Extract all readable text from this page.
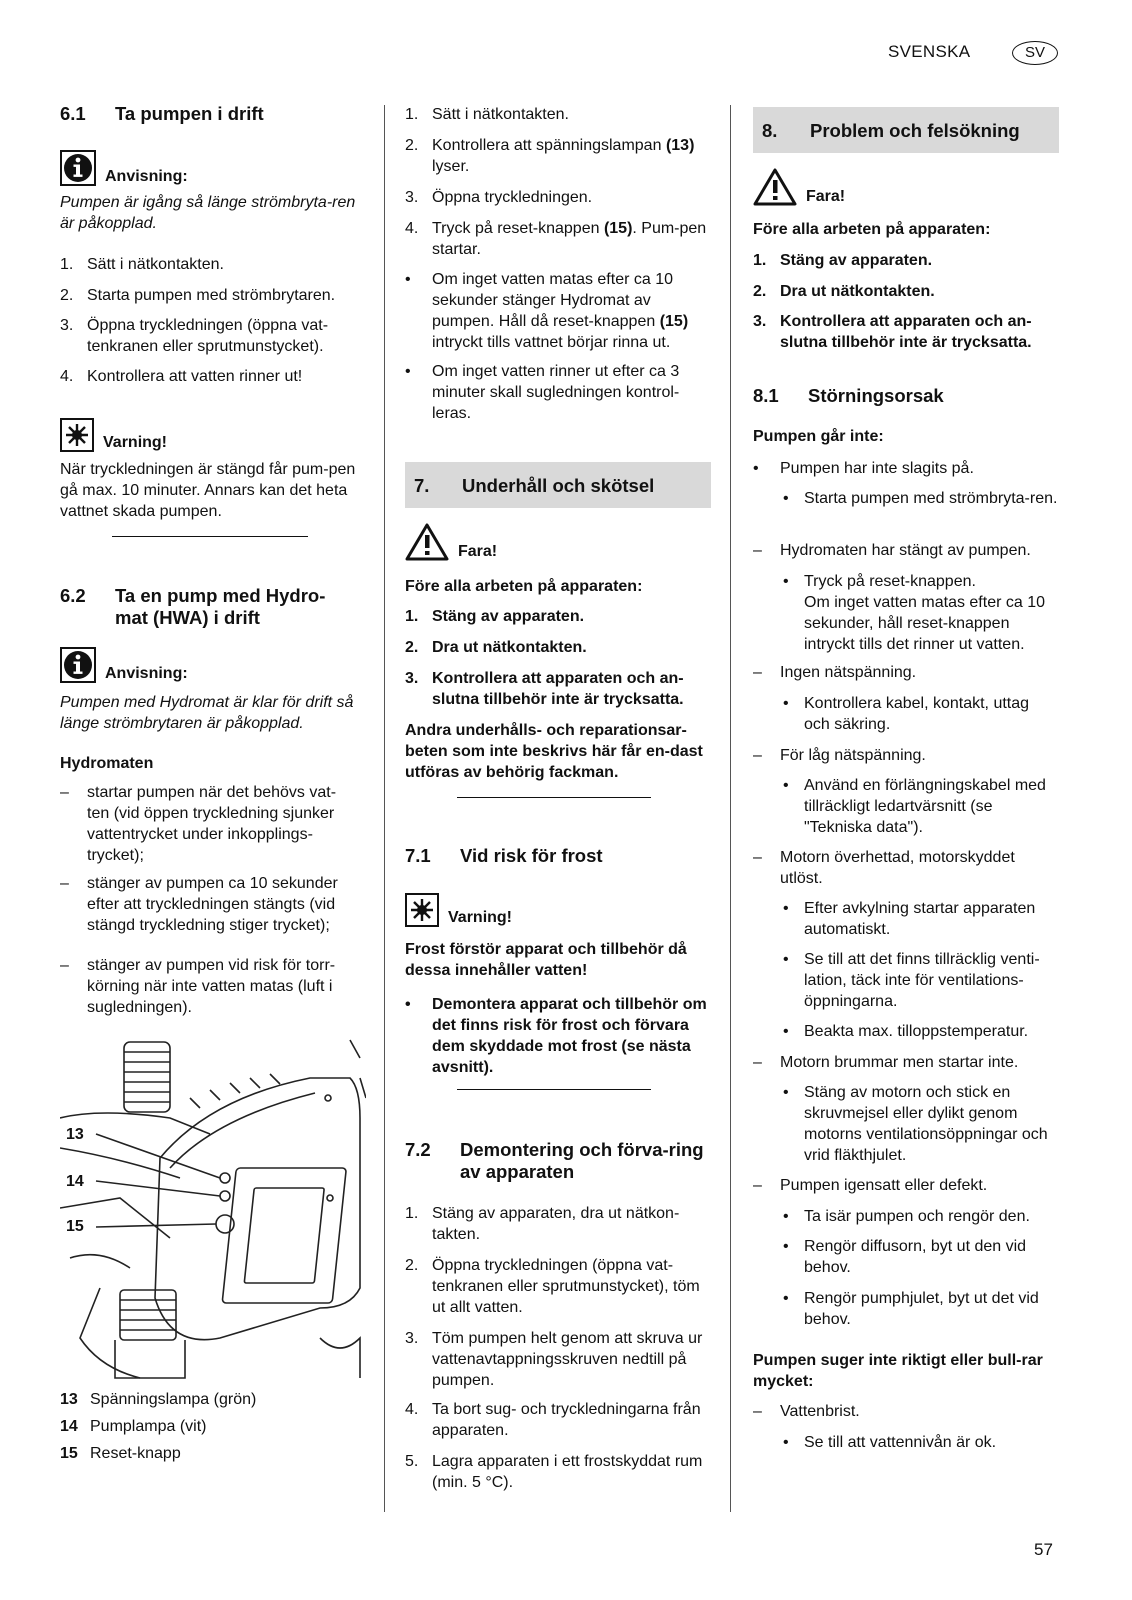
SVENSKA	SV
6.1 Ta pumpen i drift
Anvisning:
Pumpen är igång så länge strömbryta-ren är påkopplad.
1. Sätt i nätkontakten.
2. Starta pumpen med strömbrytaren.
3. Öppna tryckledningen (öppna vat-tenkranen eller sprutmunstycket).
4. Kontrollera att vatten rinner ut!
Varning!
När tryckledningen är stängd får pum-pen gå max. 10 minuter. Annars kan det heta vattnet skada pumpen.
6.2	Ta en pump med Hydro-mat (HWA) i drift
Anvisning:
Pumpen med Hydromat är klar för drift så länge strömbrytaren är påkopplad.
Hydromaten
–	startar pumpen när det behövs vat-ten (vid öppen tryckledning sjunker vattentrycket under inkopplings-trycket);
–	stänger av pumpen ca 10 sekunder efter att tryckledningen stängts (vid stängd tryckledning stiger trycket);
–	stänger av pumpen vid risk för torr-körning när inte vatten matas (luft i sugledningen).
13
14
15
13 Spänningslampa (grön)
14 Pumplampa (vit)
15 Reset-knapp
1. Sätt i nätkontakten.
2. Kontrollera att spänningslampan (13) lyser.
3. Öppna tryckledningen.
4. Tryck på reset-knappen (15). Pum-pen startar.
•	Om inget vatten matas efter ca 10 sekunder stänger Hydromat av pumpen. Håll då reset-knappen (15) intryckt tills vattnet börjar rinna ut.
•	Om inget vatten rinner ut efter ca 3 minuter skall sugledningen kontrol-leras.
7. Underhåll och skötsel
Fara!
Före alla arbeten på apparaten:
1. Stäng av apparaten.
2. Dra ut nätkontakten.
3. Kontrollera att apparaten och an-slutna tillbehör inte är trycksatta.
Andra underhålls- och reparationsar-beten som inte beskrivs här får en-dast utföras av behörig fackman.
7.1 Vid risk för frost
Varning!
Frost förstör apparat och tillbehör då dessa innehåller vatten!
•	Demontera apparat och tillbehör om det finns risk för frost och förvara dem skyddade mot frost (se nästa avsnitt).
7.2	Demontering och förva-ring av apparaten
1. Stäng av apparaten, dra ut nätkon-takten.
2. Öppna tryckledningen (öppna vat-tenkranen eller sprutmunstycket), töm ut allt vatten.
3. Töm pumpen helt genom att skruva ur vattenavtappningsskruven nedtill på pumpen.
4. Ta bort sug- och tryckledningarna från apparaten.
5. Lagra apparaten i ett frostskyddat rum (min. 5 °C).
8. Problem och felsökning
Fara!
Före alla arbeten på apparaten:
1. Stäng av apparaten.
2. Dra ut nätkontakten.
3. Kontrollera att apparaten och an-slutna tillbehör inte är trycksatta.
8.1 Störningsorsak
Pumpen går inte:
•	Pumpen har inte slagits på.
• Starta pumpen med strömbryta-ren.
–	Hydromaten har stängt av pumpen.
• Tryck på reset-knappen.
Om inget vatten matas efter ca 10 sekunder, håll reset-knappen intryckt tills det rinner ut vatten.
–	Ingen nätspänning.
• Kontrollera kabel, kontakt, uttag och säkring.
–	För låg nätspänning.
• Använd en förlängningskabel med tillräckligt ledartvärsnitt (se "Tekniska data").
–	Motorn överhettad, motorskyddet utlöst.
• Efter avkylning startar apparaten automatiskt.
• Se till att det finns tillräcklig venti-lation, täck inte för ventilations-öppningarna.
• Beakta max. tilloppstemperatur.
–	Motorn brummar men startar inte.
• Stäng av motorn och stick en skruvmejsel eller dylikt genom motorns ventilationsöppningar och vrid fläkthjulet.
–	Pumpen igensatt eller defekt.
• Ta isär pumpen och rengör den.
• Rengör diffusorn, byt ut den vid behov.
• Rengör pumphjulet, byt ut det vid behov.
Pumpen suger inte riktigt eller bull-rar mycket:
–	Vattenbrist.
• Se till att vattennivån är ok.
57
